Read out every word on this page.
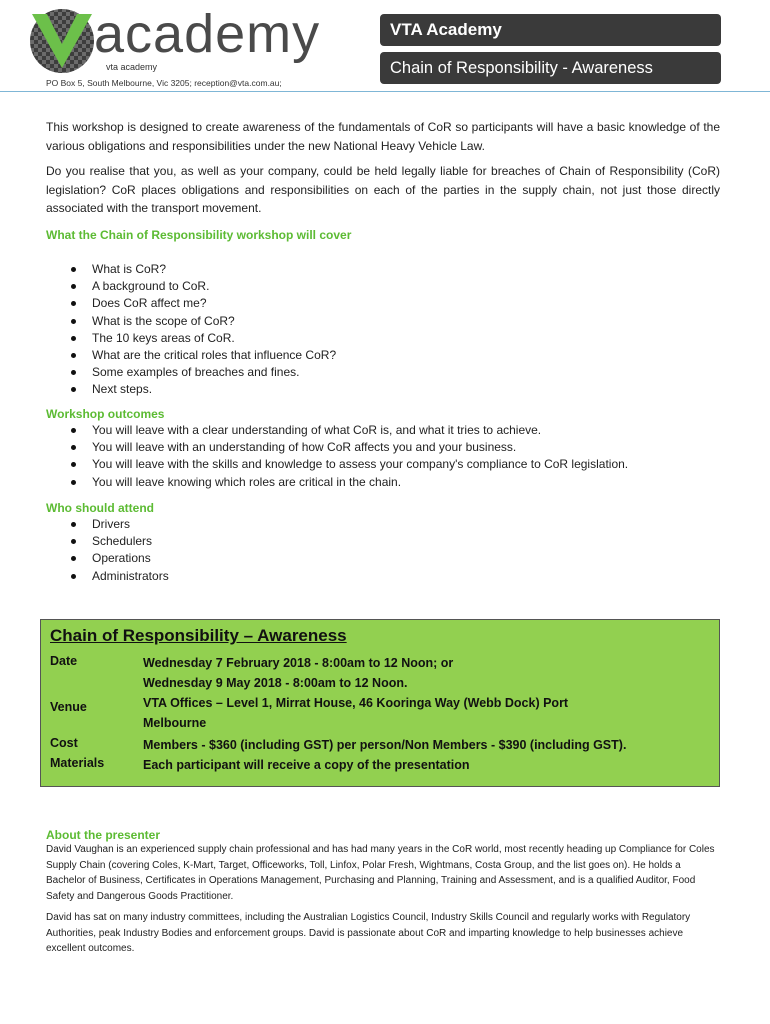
academy
vta academy
PO Box 5, South Melbourne, Vic 3205; reception@vta.com.au;
VTA Academy
Chain of Responsibility - Awareness

This workshop is designed to create awareness of the fundamentals of CoR so participants will have a basic knowledge of the various obligations and responsibilities under the new National Heavy Vehicle Law.

Do you realise that you, as well as your company, could be held legally liable for breaches of Chain of Responsibility (CoR) legislation? CoR places obligations and responsibilities on each of the parties in the supply chain, not just those directly associated with the transport movement.

What the Chain of Responsibility workshop will cover

What is CoR?
A background to CoR.
Does CoR affect me?
What is the scope of CoR?
The 10 keys areas of CoR.
What are the critical roles that influence CoR?
Some examples of breaches and fines.
Next steps.

Workshop outcomes

You will leave with a clear understanding of what CoR is, and what it tries to achieve.
You will leave with an understanding of how CoR affects you and your business.
You will leave with the skills and knowledge to assess your company's compliance to CoR legislation.
You will leave knowing which roles are critical in the chain.

Who should attend

Drivers
Schedulers
Operations
Administrators
Chain of Responsibility – Awareness
Date	Wednesday 7 February 2018 - 8:00am to 12 Noon; or
Wednesday 9 May 2018 - 8:00am to 12 Noon.
Venue	VTA Offices – Level 1, Mirrat House, 46 Kooringa Way (Webb Dock) Port Melbourne
Cost	Members - $360 (including GST) per person/Non Members - $390 (including GST).
Materials	Each participant will receive a copy of the presentation

About the presenter

David Vaughan is an experienced supply chain professional and has had many years in the CoR world, most recently heading up Compliance for Coles Supply Chain (covering Coles, K-Mart, Target, Officeworks, Toll, Linfox, Polar Fresh, Wightmans, Costa Group, and the list goes on). He holds a Bachelor of Business, Certificates in Operations Management, Purchasing and Planning, Training and Assessment, and is a qualified Auditor, Food Safety and Dangerous Goods Practitioner.

David has sat on many industry committees, including the Australian Logistics Council, Industry Skills Council and regularly works with Regulatory Authorities, peak Industry Bodies and enforcement groups. David is passionate about CoR and imparting knowledge to help businesses achieve excellent outcomes.
